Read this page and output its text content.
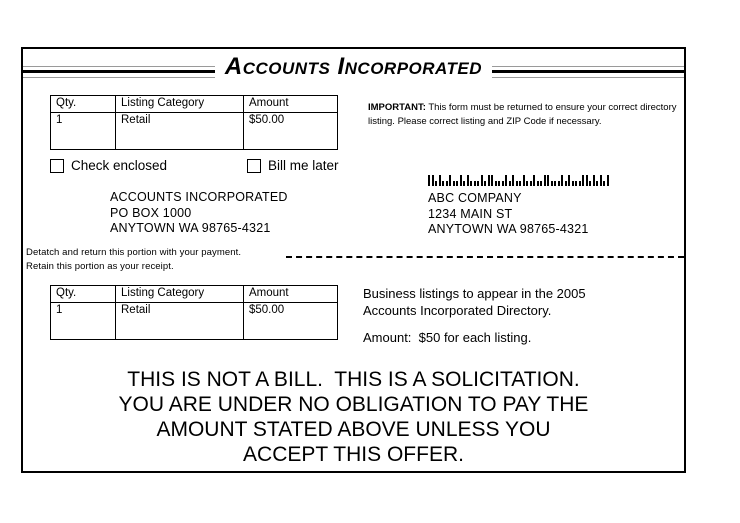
Accounts Incorporated
Qty.	Listing Category	Amount
1	Retail	$50.00
IMPORTANT: This form must be returned to ensure your correct directory listing. Please correct listing and ZIP Code if necessary.
Check enclosed	Bill me later
ACCOUNTS INCORPORATED
PO BOX 1000
ANYTOWN WA 98765-4321
ABC COMPANY
1234 MAIN ST
ANYTOWN WA 98765-4321
Detatch and return this portion with your payment.
Retain this portion as your receipt.
Qty.	Listing Category	Amount
1	Retail	$50.00
Business listings to appear in the 2005
Accounts Incorporated Directory.
Amount:  $50 for each listing.
THIS IS NOT A BILL.  THIS IS A SOLICITATION.
YOU ARE UNDER NO OBLIGATION TO PAY THE
AMOUNT STATED ABOVE UNLESS YOU
ACCEPT THIS OFFER.
